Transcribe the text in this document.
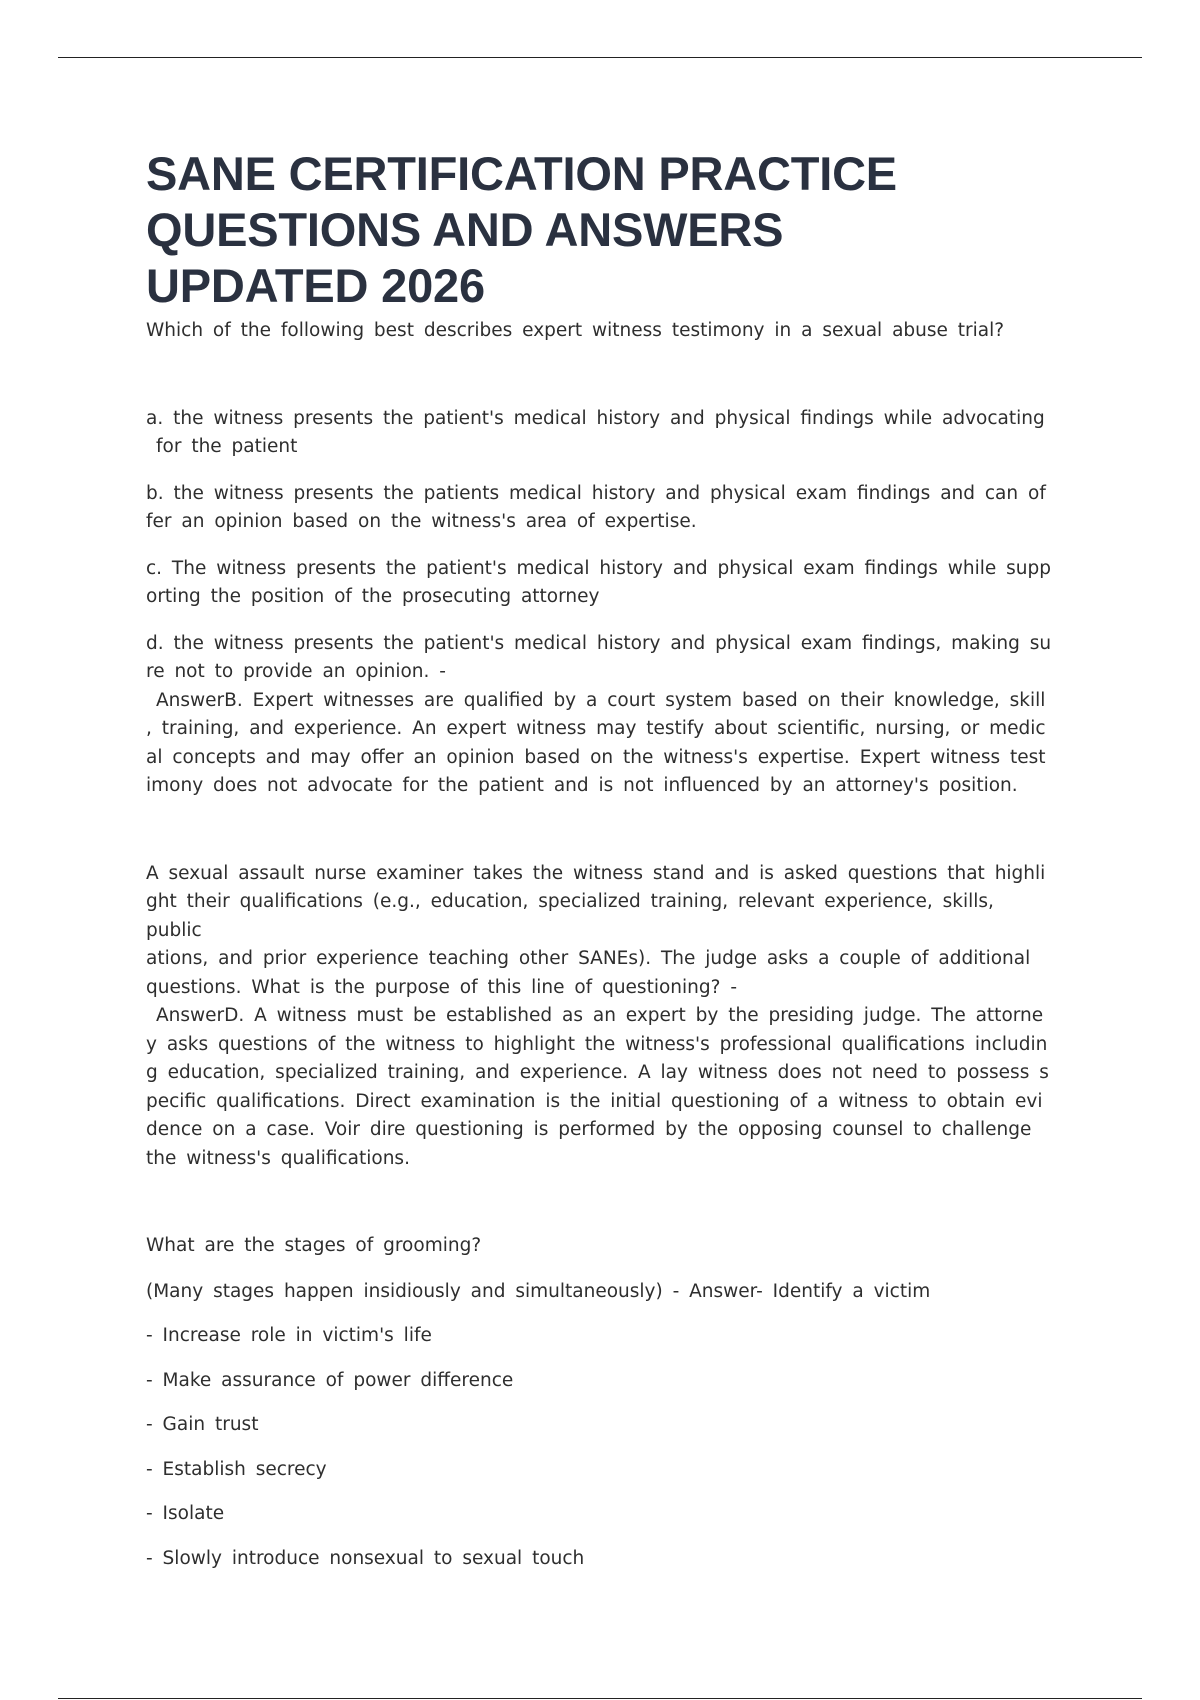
SANE CERTIFICATION PRACTICE
QUESTIONS AND ANSWERS
UPDATED 2026

Which of the following best describes expert witness testimony in a sexual abuse trial?

a. the witness presents the patient's medical history and physical findings while advocating
for the patient
b. the witness presents the patients medical history and physical exam findings and can of
fer an opinion based on the witness's area of expertise.
c. The witness presents the patient's medical history and physical exam findings while supp
orting the position of the prosecuting attorney
d. the witness presents the patient's medical history and physical exam findings, making su
re not to provide an opinion. -
AnswerB. Expert witnesses are qualified by a court system based on their knowledge, skill
, training, and experience. An expert witness may testify about scientific, nursing, or medic
al concepts and may offer an opinion based on the witness's expertise. Expert witness test
imony does not advocate for the patient and is not influenced by an attorney's position.
A sexual assault nurse examiner takes the witness stand and is asked questions that highli
ght their qualifications (e.g., education, specialized training, relevant experience, skills, public
ations, and prior experience teaching other SANEs). The judge asks a couple of additional
questions. What is the purpose of this line of questioning? -
AnswerD. A witness must be established as an expert by the presiding judge. The attorne
y asks questions of the witness to highlight the witness's professional qualifications includin
g education, specialized training, and experience. A lay witness does not need to possess s
pecific qualifications. Direct examination is the initial questioning of a witness to obtain evi
dence on a case. Voir dire questioning is performed by the opposing counsel to challenge
the witness's qualifications.

What are the stages of grooming?

(Many stages happen insidiously and simultaneously) - Answer- Identify a victim

- Increase role in victim's life

- Make assurance of power difference

- Gain trust

- Establish secrecy

- Isolate

- Slowly introduce nonsexual to sexual touch
